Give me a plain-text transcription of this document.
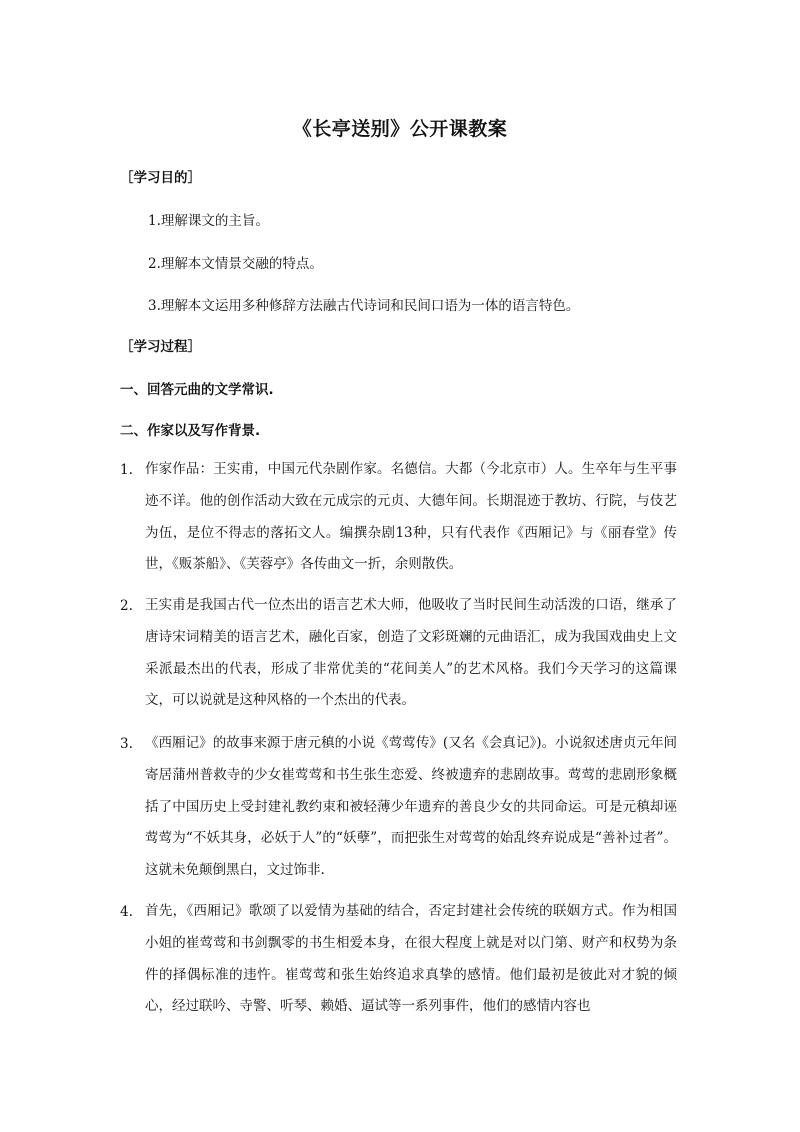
《长亭送别》公开课教案
［学习目的］
1.理解课文的主旨。
2.理解本文情景交融的特点。
3.理解本文运用多种修辞方法融古代诗词和民间口语为一体的语言特色。
［学习过程］
一、回答元曲的文学常识.
二、作家以及写作背景.
1. 作家作品：王实甫，中国元代杂剧作家。名德信。大都（今北京市）人。生卒年与生平事迹不详。他的创作活动大致在元成宗的元贞、大德年间。长期混迹于教坊、行院，与伎艺为伍，是位不得志的落拓文人。编撰杂剧13种，只有代表作《西厢记》与《丽春堂》传世，《贩茶船》、《芙蓉亭》各传曲文一折，余则散佚。
2. 王实甫是我国古代一位杰出的语言艺术大师，他吸收了当时民间生动活泼的口语，继承了唐诗宋词精美的语言艺术，融化百家，创造了文彩斑斓的元曲语汇，成为我国戏曲史上文采派最杰出的代表，形成了非常优美的“花间美人”的艺术风格。我们今天学习的这篇课文，可以说就是这种风格的一个杰出的代表。
3. 《西厢记》的故事来源于唐元稹的小说《莺莺传》(又名《会真记》)。小说叙述唐贞元年间寄居蒲州普救寺的少女崔莺莺和书生张生恋爱、终被遗弃的悲剧故事。莺莺的悲剧形象概括了中国历史上受封建礼教约束和被轻薄少年遗弃的善良少女的共同命运。可是元稹却诬莺莺为“不妖其身，必妖于人”的“妖孽”，而把张生对莺莺的始乱终弃说成是“善补过者”。这就未免颠倒黑白，文过饰非.
4. 首先，《西厢记》歌颂了以爱情为基础的结合，否定封建社会传统的联姻方式。作为相国小姐的崔莺莺和书剑飘零的书生相爱本身，在很大程度上就是对以门第、财产和权势为条件的择偶标准的违忤。崔莺莺和张生始终追求真挚的感情。他们最初是彼此对才貌的倾心，经过联吟、寺警、听琴、赖婚、逼试等一系列事件，他们的感情内容也
